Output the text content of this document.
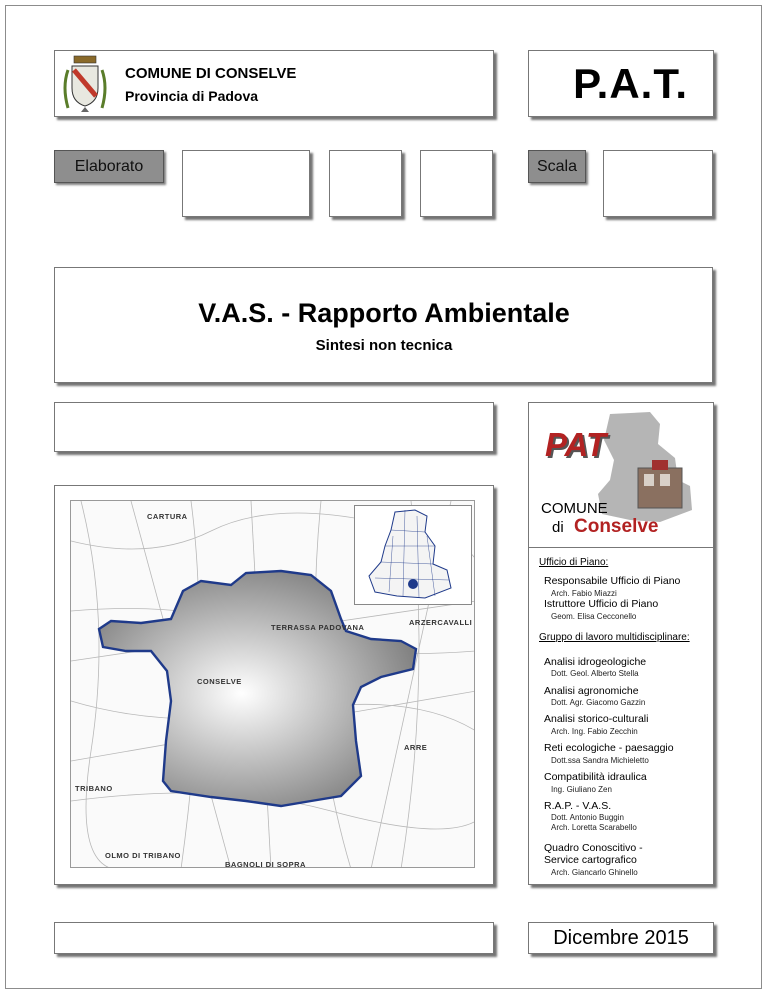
COMUNE DI CONSELVE
Provincia di Padova	P.A.T.
Elaborato	Scala
V.A.S. - Rapporto Ambientale
Sintesi non tecnica
CARTURA
TERRASSA PADOVANA
ARZERCAVALLI
CONSELVE
ARRE
TRIBANO
OLMO DI TRIBANO
BAGNOLI DI SOPRA
PAT
COMUNE
di Conselve
Ufficio di Piano:
Responsabile Ufficio di Piano
Arch. Fabio Miazzi
Istruttore Ufficio di Piano
Geom. Elisa Cecconello
Gruppo di lavoro multidisciplinare:
Analisi idrogeologiche
Dott. Geol. Alberto Stella
Analisi agronomiche
Dott. Agr. Giacomo Gazzin
Analisi storico-culturali
Arch. Ing. Fabio Zecchin
Reti ecologiche - paesaggio
Dott.ssa Sandra Michieletto
Compatibilità idraulica
Ing. Giuliano Zen
R.A.P. - V.A.S.
Dott. Antonio Buggin
Arch. Loretta Scarabello
Quadro Conoscitivo -
Service cartografico
Arch. Giancarlo Ghinello
Dicembre 2015
